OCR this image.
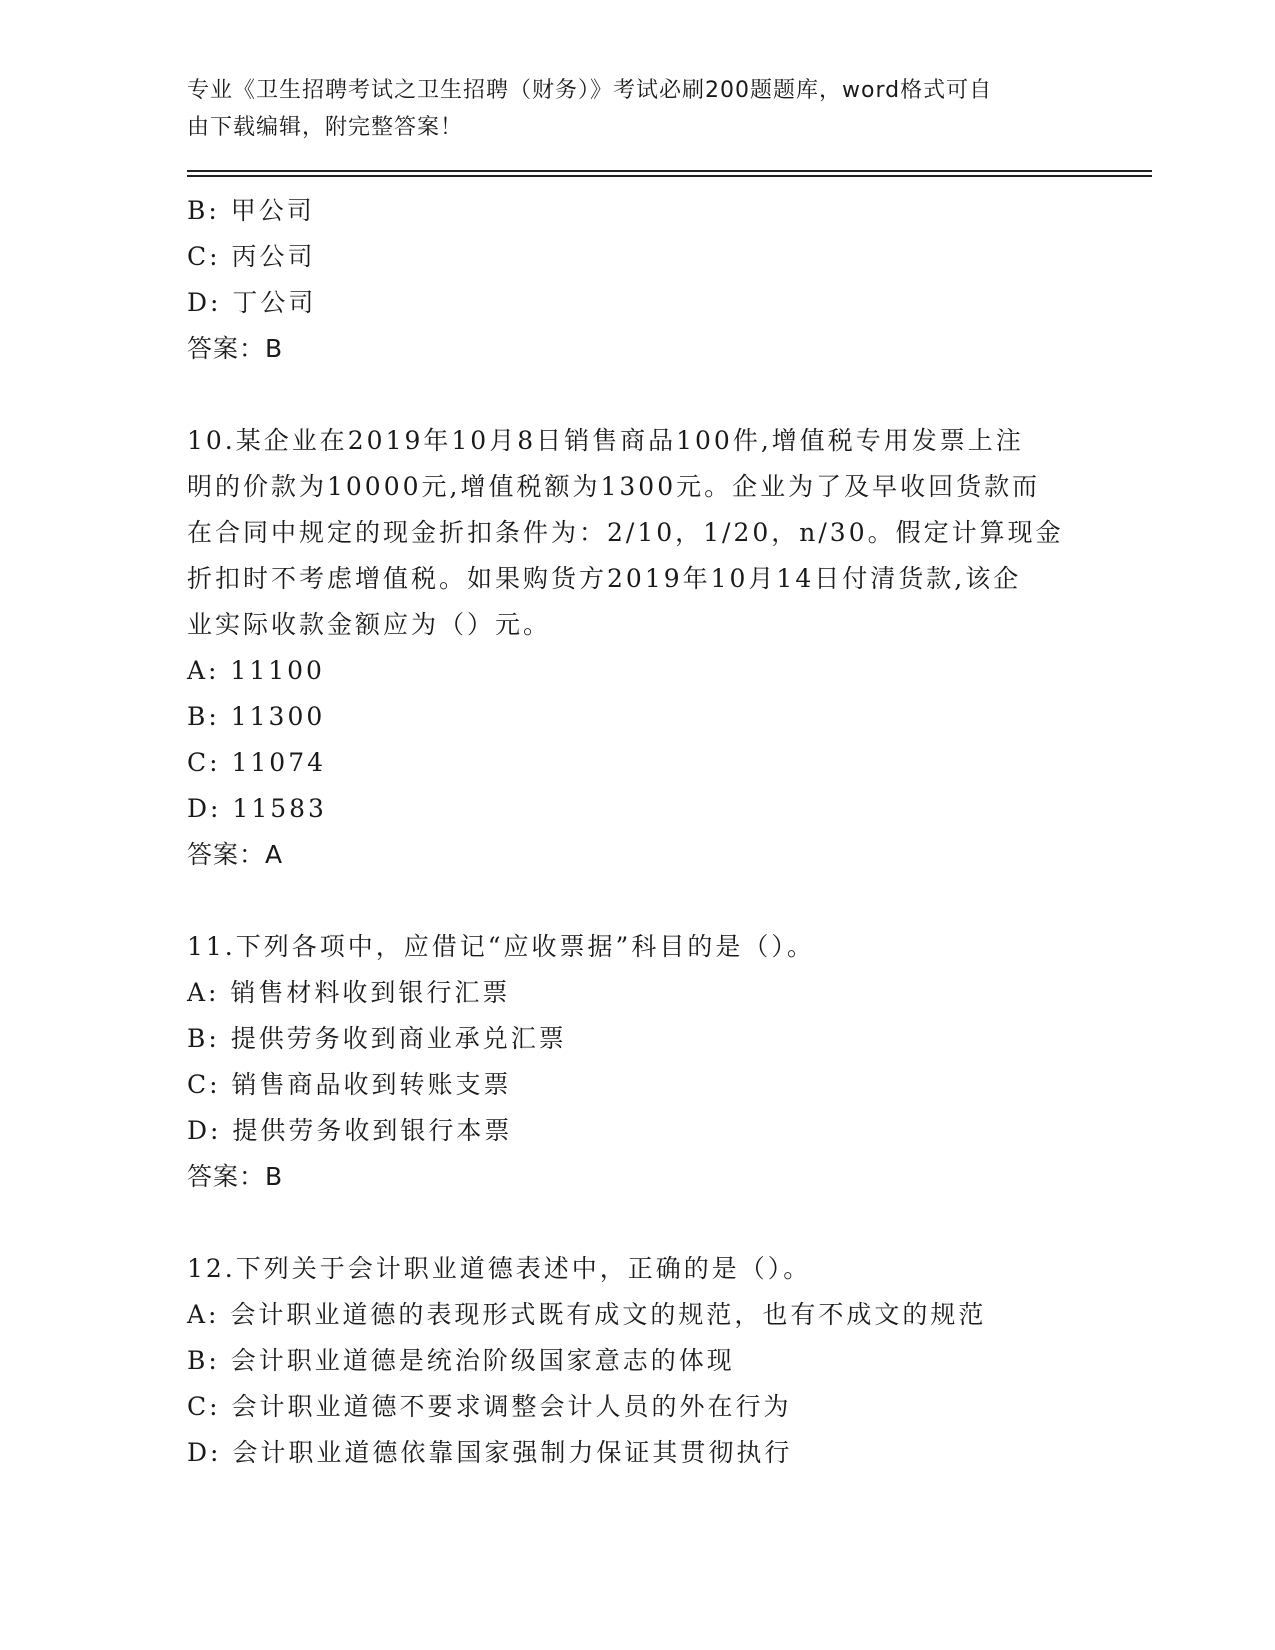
专业《卫生招聘考试之卫生招聘（财务）》考试必刷200题题库，word格式可自
由下载编辑，附完整答案！
B: 甲公司
C: 丙公司
D: 丁公司
答案：B
10.某企业在2019年10月8日销售商品100件,增值税专用发票上注
明的价款为10000元,增值税额为1300元。企业为了及早收回货款而
在合同中规定的现金折扣条件为：2/10，1/20，n/30。假定计算现金
折扣时不考虑增值税。如果购货方2019年10月14日付清货款,该企
业实际收款金额应为（）元。
A: 11100
B: 11300
C: 11074
D: 11583
答案：A
11.下列各项中，应借记“应收票据”科目的是（）。
A: 销售材料收到银行汇票
B: 提供劳务收到商业承兑汇票
C: 销售商品收到转账支票
D: 提供劳务收到银行本票
答案：B
12.下列关于会计职业道德表述中，正确的是（）。
A: 会计职业道德的表现形式既有成文的规范，也有不成文的规范
B: 会计职业道德是统治阶级国家意志的体现
C: 会计职业道德不要求调整会计人员的外在行为
D: 会计职业道德依靠国家强制力保证其贯彻执行
